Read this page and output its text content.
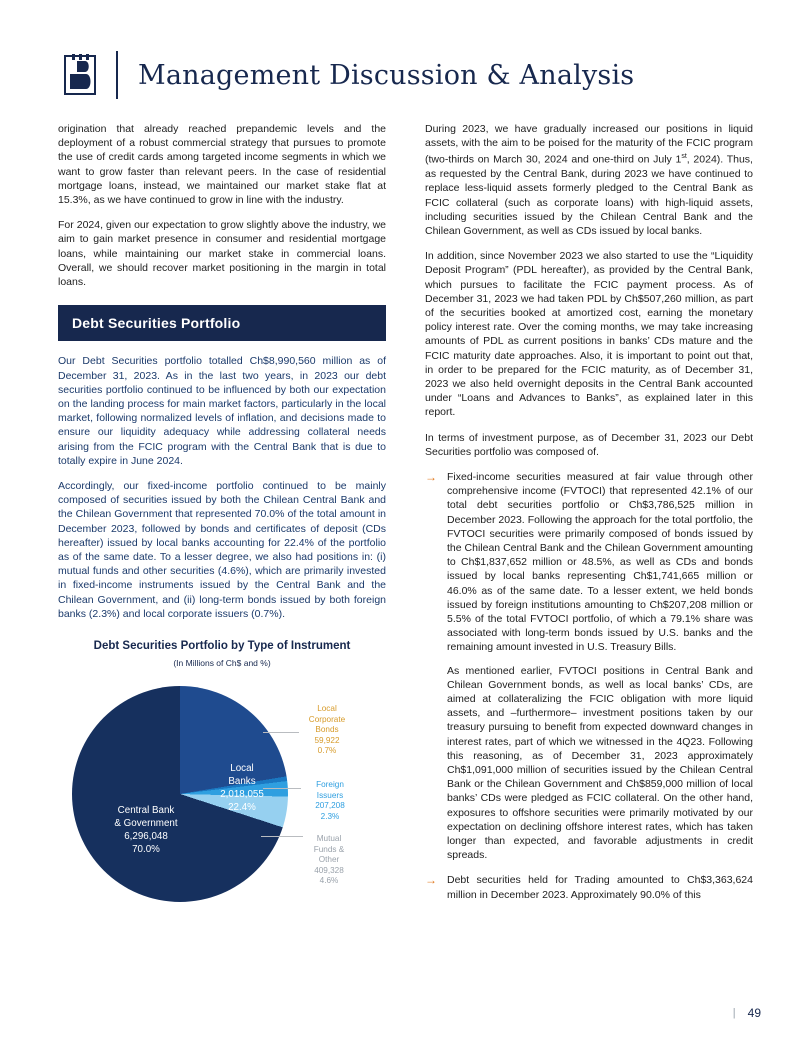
Management Discussion & Analysis

origination that already reached prepandemic levels and the deployment of a robust commercial strategy that pursues to promote the use of credit cards among targeted income segments in which we want to grow faster than relevant peers. In the case of residential mortgage loans, instead, we maintained our market stake flat at 15.3%, as we have continued to grow in line with the industry.

For 2024, given our expectation to grow slightly above the industry, we aim to gain market presence in consumer and residential mortgage loans, while maintaining our market stake in commercial loans. Overall, we should recover market positioning in the margin in total loans.

Debt Securities Portfolio

Our Debt Securities portfolio totalled Ch$8,990,560 million as of December 31, 2023. As in the last two years, in 2023 our debt securities portfolio continued to be influenced by both our expectation on the landing process for main market factors, particularly in the local market, following normalized levels of inflation, and decisions made to ensure our liquidity adequacy while addressing collateral needs arising from the FCIC program with the Central Bank that is due to totally expire in June 2024.

Accordingly, our fixed-income portfolio continued to be mainly composed of securities issued by both the Chilean Central Bank and the Chilean Government that represented 70.0% of the total amount in December 2023, followed by bonds and certificates of deposit (CDs hereafter) issued by local banks accounting for 22.4% of the portfolio as of the same date. To a lesser degree, we also had positions in: (i) mutual funds and other securities (4.6%), which are primarily invested in fixed-income instruments issued by the Central Bank and the Chilean Government, and (ii) long-term bonds issued by both foreign banks (2.3%) and local corporate issuers (0.7%).

Debt Securities Portfolio by Type of Instrument
(In Millions of Ch$ and %)
Central Bank
& Government
6,296,048
70.0%
Local
Banks
2,018,055
22.4%
Local
Corporate
Bonds
59,922
0.7%
Foreign
Issuers
207,208
2.3%
Mutual
Funds &
Other
409,328
4.6%

During 2023, we have gradually increased our positions in liquid assets, with the aim to be poised for the maturity of the FCIC program (two-thirds on March 30, 2024 and one-third on July 1st, 2024). Thus, as requested by the Central Bank, during 2023 we have continued to replace less-liquid assets formerly pledged to the Central Bank as FCIC collateral (such as corporate loans) with high-liquid assets, including securities issued by the Chilean Central Bank and the Chilean Government, as well as CDs issued by local banks.

In addition, since November 2023 we also started to use the “Liquidity Deposit Program” (PDL hereafter), as provided by the Central Bank, which pursues to facilitate the FCIC payment process. As of December 31, 2023 we had taken PDL by Ch$507,260 million, as part of the securities booked at amortized cost, earning the monetary policy interest rate. Over the coming months, we may take increasing amounts of PDL as current positions in banks’ CDs mature and the FCIC maturity date approaches. Also, it is important to point out that, in order to be prepared for the FCIC maturity, as of December 31, 2023 we also held overnight deposits in the Central Bank accounted under “Loans and Advances to Banks”, as explained later in this report.

In terms of investment purpose, as of December 31, 2023 our Debt Securities portfolio was composed of.

→ Fixed-income securities measured at fair value through other comprehensive income (FVTOCI) that represented 42.1% of our total debt securities portfolio or Ch$3,786,525 million in December 2023. Following the approach for the total portfolio, the FVTOCI securities were primarily composed of bonds issued by the Chilean Central Bank and the Chilean Government amounting to Ch$1,837,652 million or 48.5%, as well as CDs and bonds issued by local banks representing Ch$1,741,665 million or 46.0% as of the same date. To a lesser extent, we held bonds issued by foreign institutions amounting to Ch$207,208 million or 5.5% of the total FVTOCI portfolio, of which a 79.1% share was associated with long-term bonds issued by U.S. banks and the remaining amount invested in U.S. Treasury Bills.

As mentioned earlier, FVTOCI positions in Central Bank and Chilean Government bonds, as well as local banks’ CDs, are aimed at collateralizing the FCIC obligation with more liquid assets, and –furthermore– investment positions taken by our treasury pursuing to benefit from expected downward changes in interest rates, part of which we witnessed in the 4Q23. Following this reasoning, as of December 31, 2023 approximately Ch$1,091,000 million of securities issued by the Chilean Central Bank or the Chilean Government and Ch$859,000 million of local banks’ CDs were pledged as FCIC collateral. On the other hand, exposures to offshore securities were primarily motivated by our expectation on declining offshore interest rates, which has taken longer than expected, and favorable adjustments in credit spreads.

→ Debt securities held for Trading amounted to Ch$3,363,624 million in December 2023. Approximately 90.0% of this

| 49
